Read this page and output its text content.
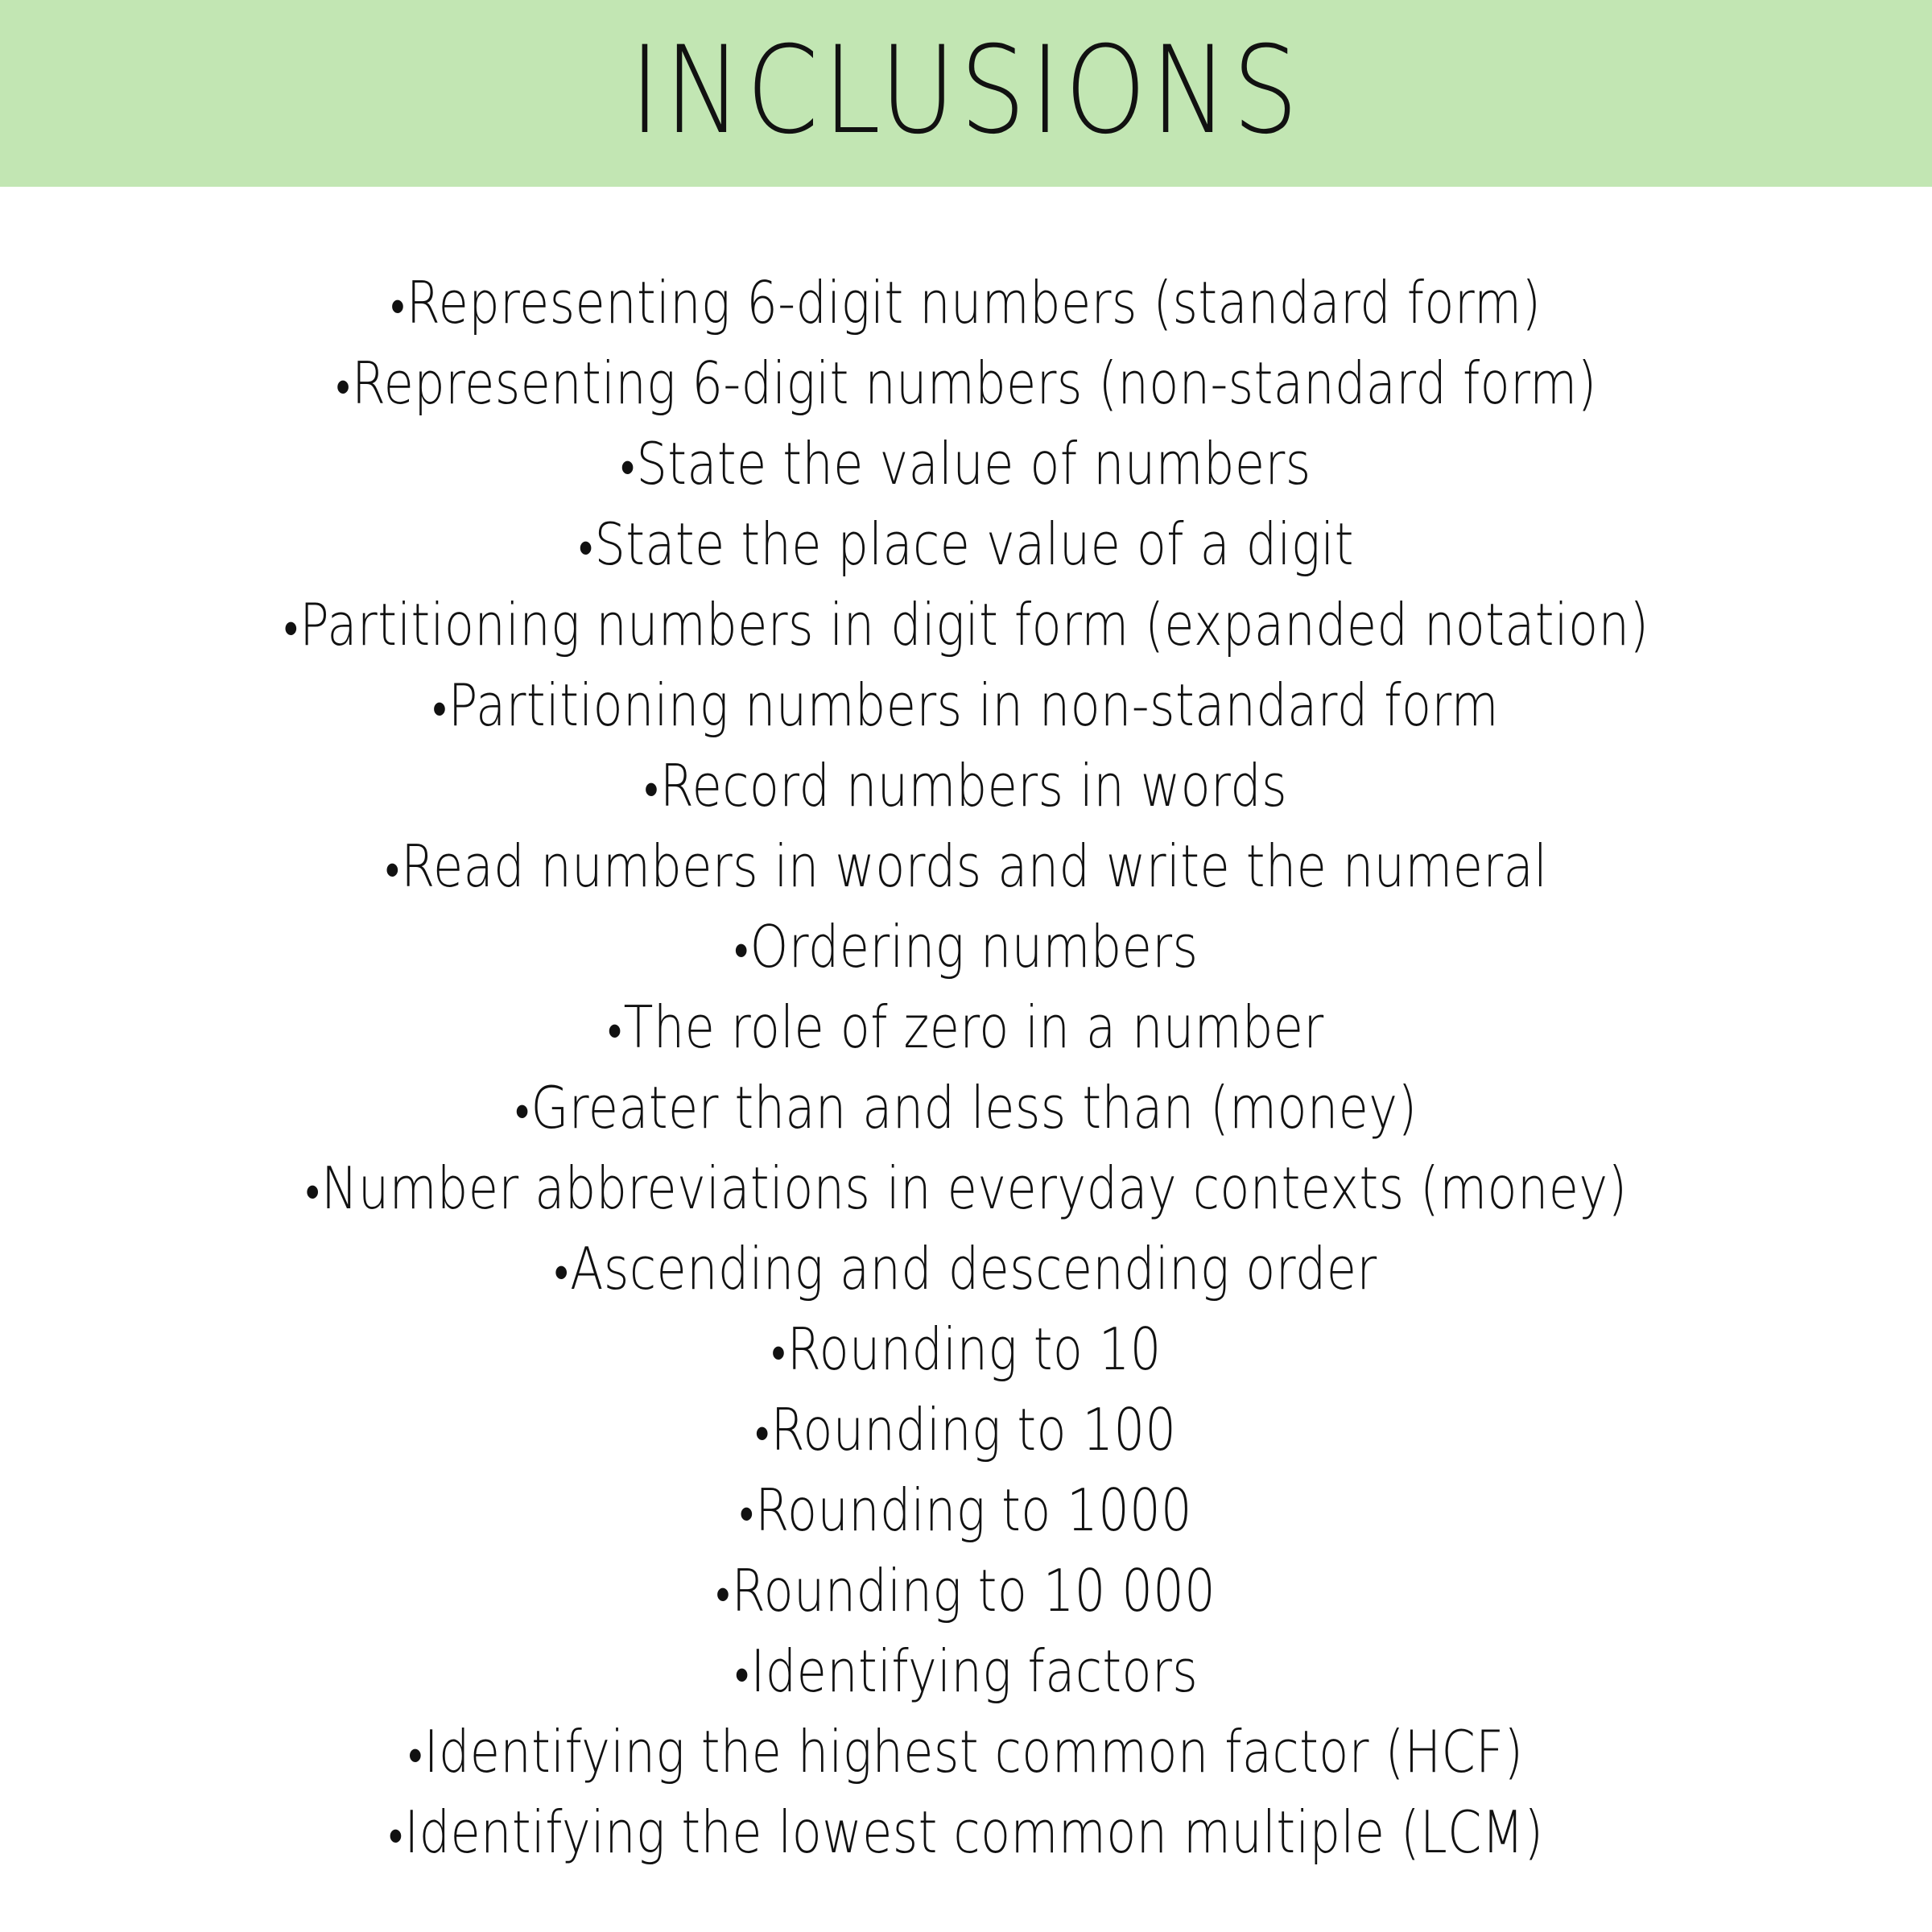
INCLUSIONS
•Representing 6-digit numbers (standard form)
•Representing 6-digit numbers (non-standard form)
•State the value of numbers
•State the place value of a digit
•Partitioning numbers in digit form (expanded notation)
•Partitioning numbers in non-standard form
•Record numbers in words
•Read numbers in words and write the numeral
•Ordering numbers
•The role of zero in a number
•Greater than and less than (money)
•Number abbreviations in everyday contexts (money)
•Ascending and descending order
•Rounding to 10
•Rounding to 100
•Rounding to 1000
•Rounding to 10 000
•Identifying factors
•Identifying the highest common factor (HCF)
•Identifying the lowest common multiple (LCM)
